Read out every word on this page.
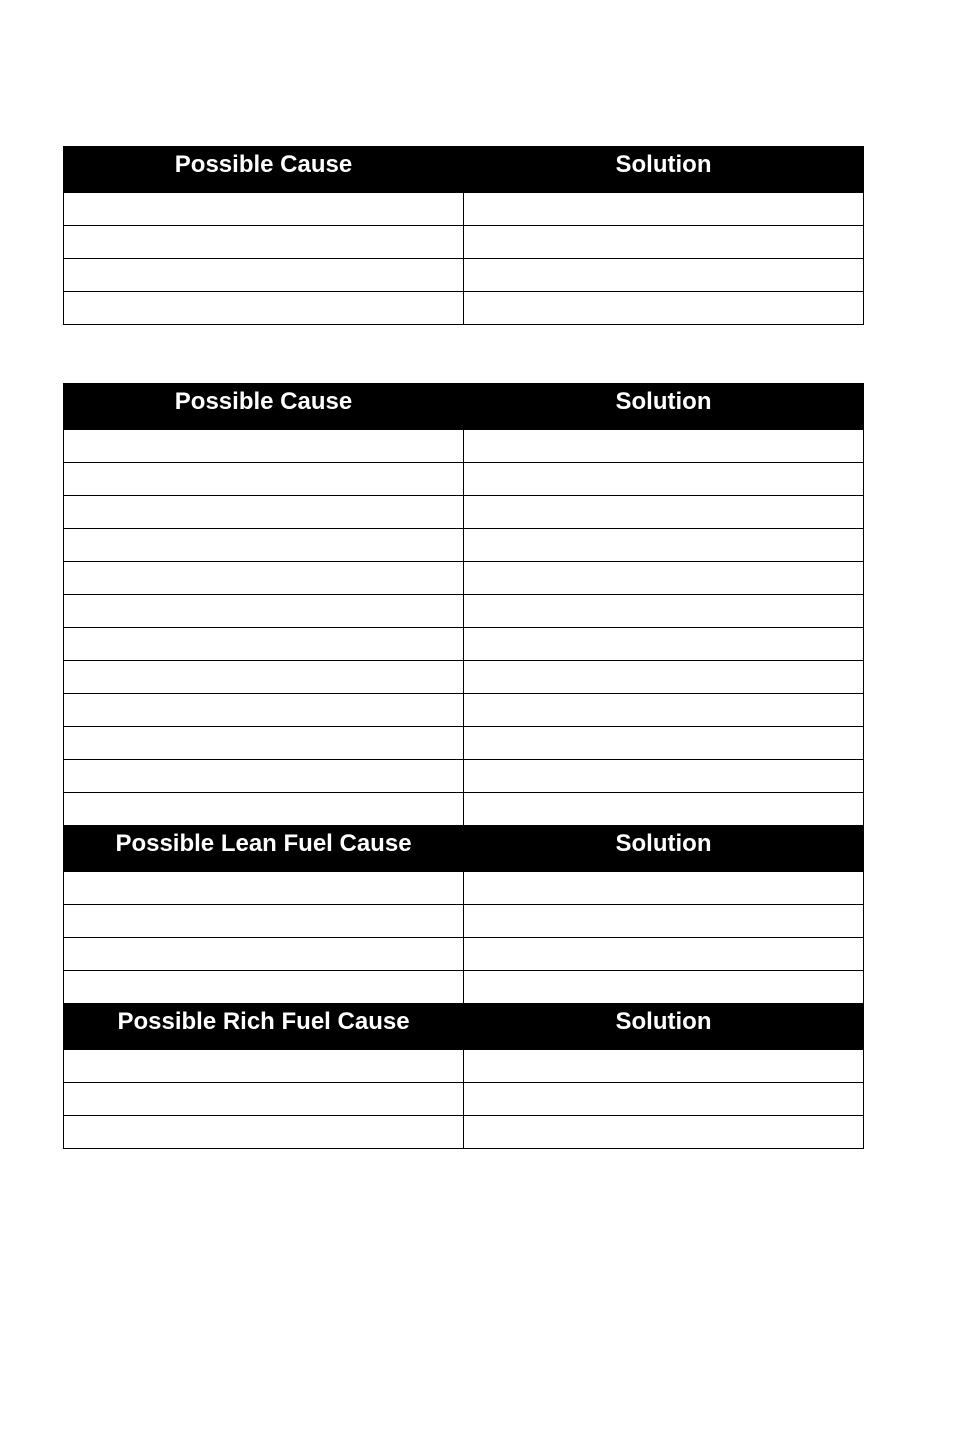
Possible Cause	Solution

Possible Cause	Solution

Possible Lean Fuel Cause	Solution

Possible Rich Fuel Cause	Solution
